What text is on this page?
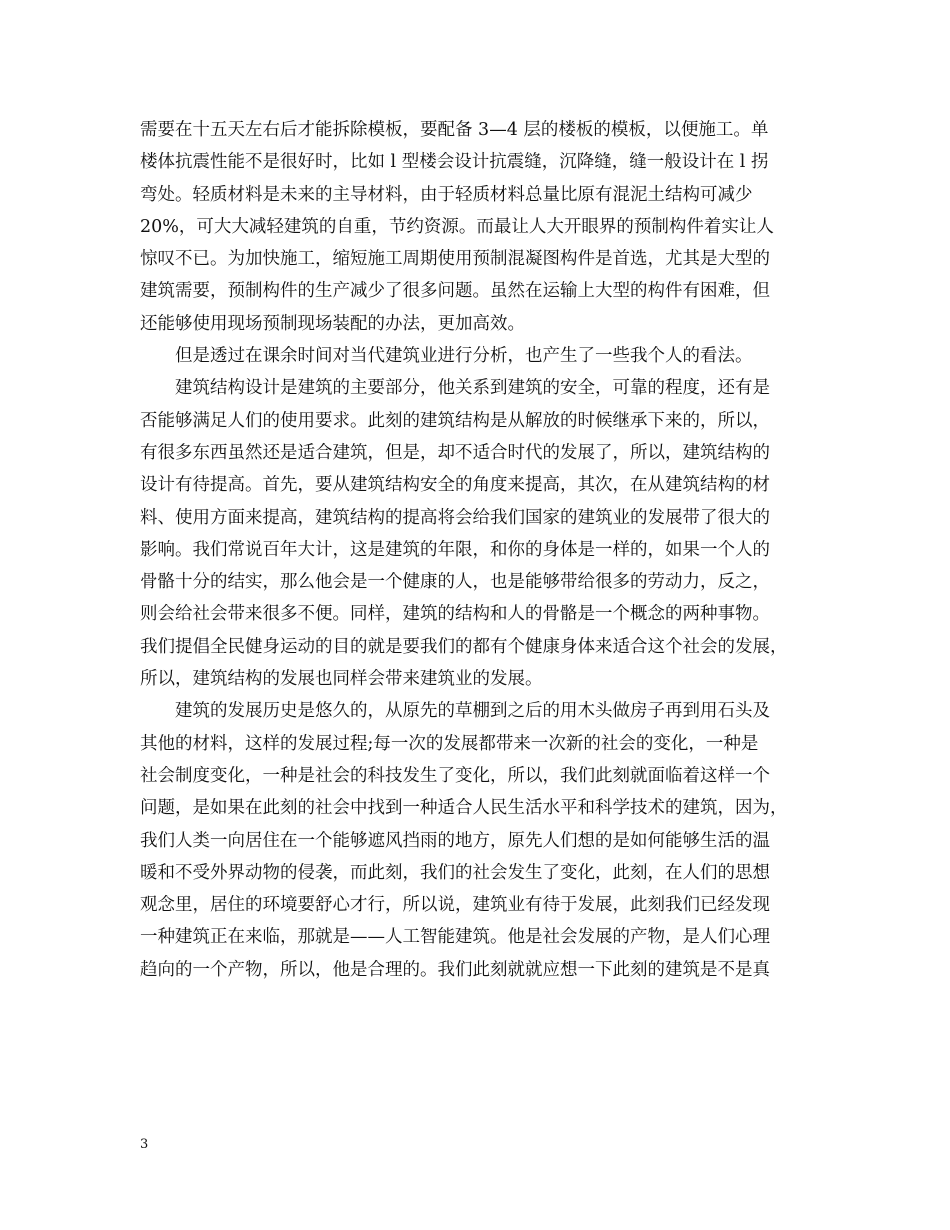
需要在十五天左右后才能拆除模板，要配备 3—4 层的楼板的模板，以便施工。单
楼体抗震性能不是很好时，比如 l 型楼会设计抗震缝，沉降缝，缝一般设计在 l 拐
弯处。轻质材料是未来的主导材料，由于轻质材料总量比原有混泥土结构可减少
20%，可大大减轻建筑的自重，节约资源。而最让人大开眼界的预制构件着实让人
惊叹不已。为加快施工，缩短施工周期使用预制混凝图构件是首选，尤其是大型的
建筑需要，预制构件的生产减少了很多问题。虽然在运输上大型的构件有困难，但
还能够使用现场预制现场装配的办法，更加高效。
但是透过在课余时间对当代建筑业进行分析，也产生了一些我个人的看法。
建筑结构设计是建筑的主要部分，他关系到建筑的安全，可靠的程度，还有是
否能够满足人们的使用要求。此刻的建筑结构是从解放的时候继承下来的，所以，
有很多东西虽然还是适合建筑，但是，却不适合时代的发展了，所以，建筑结构的
设计有待提高。首先，要从建筑结构安全的角度来提高，其次，在从建筑结构的材
料、使用方面来提高，建筑结构的提高将会给我们国家的建筑业的发展带了很大的
影响。我们常说百年大计，这是建筑的年限，和你的身体是一样的，如果一个人的
骨骼十分的结实，那么他会是一个健康的人，也是能够带给很多的劳动力，反之，
则会给社会带来很多不便。同样，建筑的结构和人的骨骼是一个概念的两种事物。
我们提倡全民健身运动的目的就是要我们的都有个健康身体来适合这个社会的发展，
所以，建筑结构的发展也同样会带来建筑业的发展。
建筑的发展历史是悠久的，从原先的草棚到之后的用木头做房子再到用石头及
其他的材料，这样的发展过程;每一次的发展都带来一次新的社会的变化，一种是
社会制度变化，一种是社会的科技发生了变化，所以，我们此刻就面临着这样一个
问题，是如果在此刻的社会中找到一种适合人民生活水平和科学技术的建筑，因为，
我们人类一向居住在一个能够遮风挡雨的地方，原先人们想的是如何能够生活的温
暖和不受外界动物的侵袭，而此刻，我们的社会发生了变化，此刻，在人们的思想
观念里，居住的环境要舒心才行，所以说，建筑业有待于发展，此刻我们已经发现
一种建筑正在来临，那就是——人工智能建筑。他是社会发展的产物，是人们心理
趋向的一个产物，所以，他是合理的。我们此刻就就应想一下此刻的建筑是不是真
3
